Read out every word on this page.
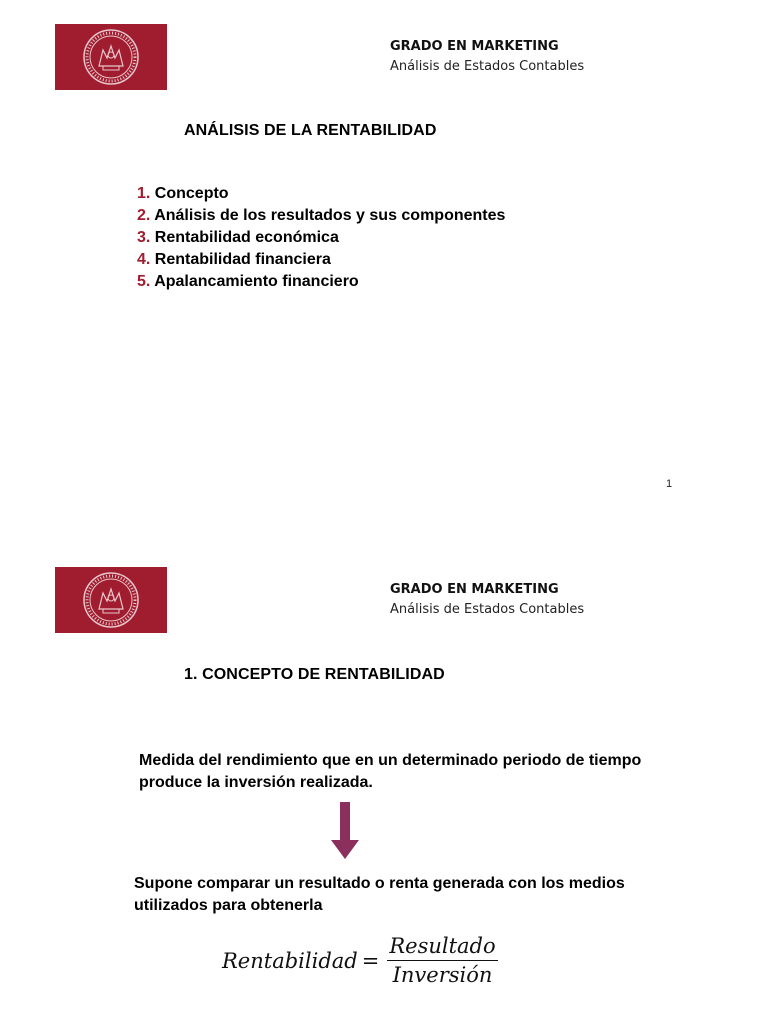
GRADO EN MARKETING
Análisis de Estados Contables
ANÁLISIS DE LA RENTABILIDAD
1. Concepto
2. Análisis de los resultados y sus componentes
3. Rentabilidad económica
4. Rentabilidad financiera
5. Apalancamiento financiero
1
GRADO EN MARKETING
Análisis de Estados Contables
1. CONCEPTO DE RENTABILIDAD
Medida del rendimiento que en un determinado periodo de tiempo produce la inversión realizada.
Supone comparar un resultado o renta generada con los medios utilizados para obtenerla
Rentabilidad = $\frac{\text{Resultado}}{\text{Inversión}}$
